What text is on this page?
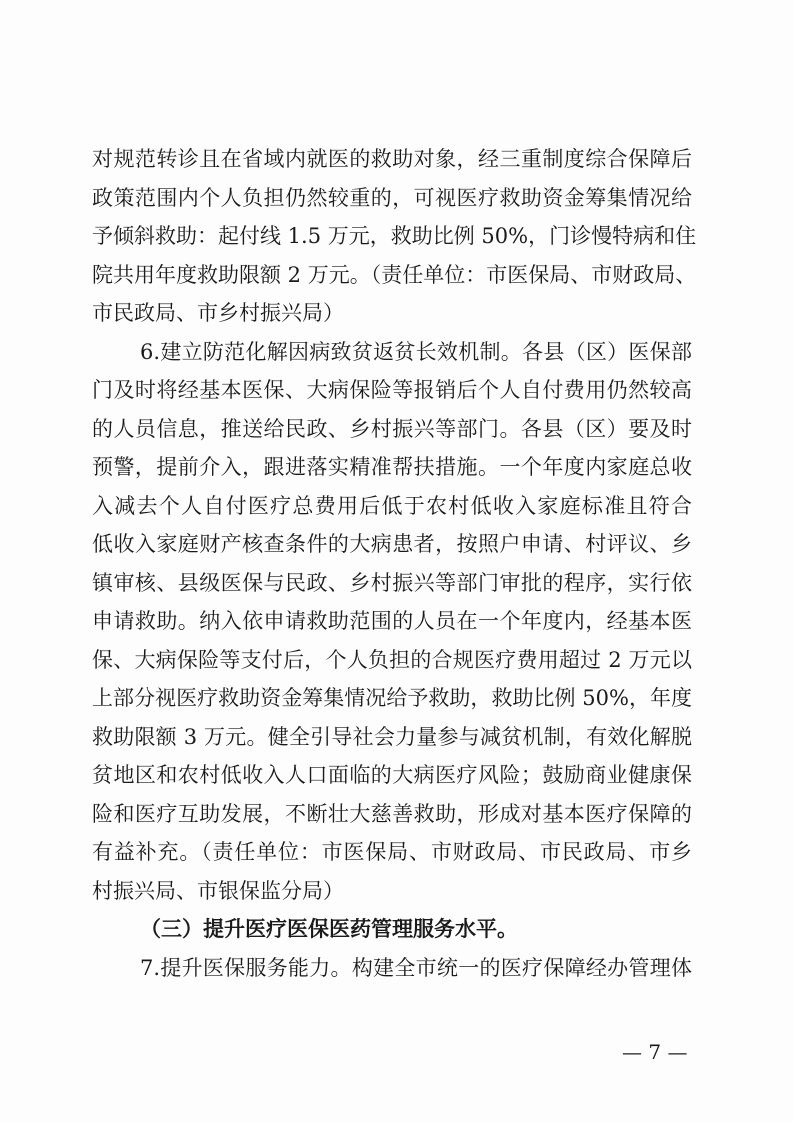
对规范转诊且在省域内就医的救助对象，经三重制度综合保障后
政策范围内个人负担仍然较重的，可视医疗救助资金筹集情况给
予倾斜救助：起付线 1.5 万元，救助比例 50%，门诊慢特病和住
院共用年度救助限额 2 万元。（责任单位：市医保局、市财政局、
市民政局、市乡村振兴局）
6.建立防范化解因病致贫返贫长效机制。各县（区）医保部
门及时将经基本医保、大病保险等报销后个人自付费用仍然较高
的人员信息，推送给民政、乡村振兴等部门。各县（区）要及时
预警，提前介入，跟进落实精准帮扶措施。一个年度内家庭总收
入减去个人自付医疗总费用后低于农村低收入家庭标准且符合
低收入家庭财产核查条件的大病患者，按照户申请、村评议、乡
镇审核、县级医保与民政、乡村振兴等部门审批的程序，实行依
申请救助。纳入依申请救助范围的人员在一个年度内，经基本医
保、大病保险等支付后，个人负担的合规医疗费用超过 2 万元以
上部分视医疗救助资金筹集情况给予救助，救助比例 50%，年度
救助限额 3 万元。健全引导社会力量参与减贫机制，有效化解脱
贫地区和农村低收入人口面临的大病医疗风险；鼓励商业健康保
险和医疗互助发展，不断壮大慈善救助，形成对基本医疗保障的
有益补充。（责任单位：市医保局、市财政局、市民政局、市乡
村振兴局、市银保监分局）
（三）提升医疗医保医药管理服务水平。
7.提升医保服务能力。构建全市统一的医疗保障经办管理体
— 7 —
